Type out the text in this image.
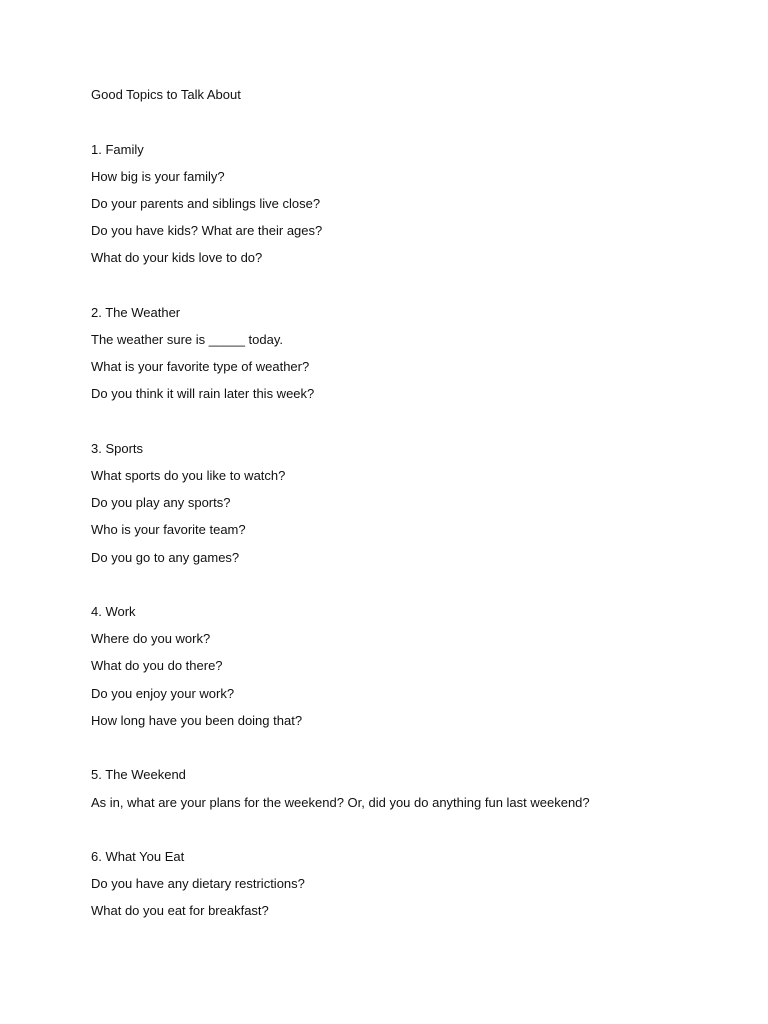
Good Topics to Talk About
1. Family
How big is your family?
Do your parents and siblings live close?
Do you have kids? What are their ages?
What do your kids love to do?
2. The Weather
The weather sure is _____ today.
What is your favorite type of weather?
Do you think it will rain later this week?
3. Sports
What sports do you like to watch?
Do you play any sports?
Who is your favorite team?
Do you go to any games?
4. Work
Where do you work?
What do you do there?
Do you enjoy your work?
How long have you been doing that?
5. The Weekend
As in, what are your plans for the weekend? Or, did you do anything fun last weekend?
6. What You Eat
Do you have any dietary restrictions?
What do you eat for breakfast?
